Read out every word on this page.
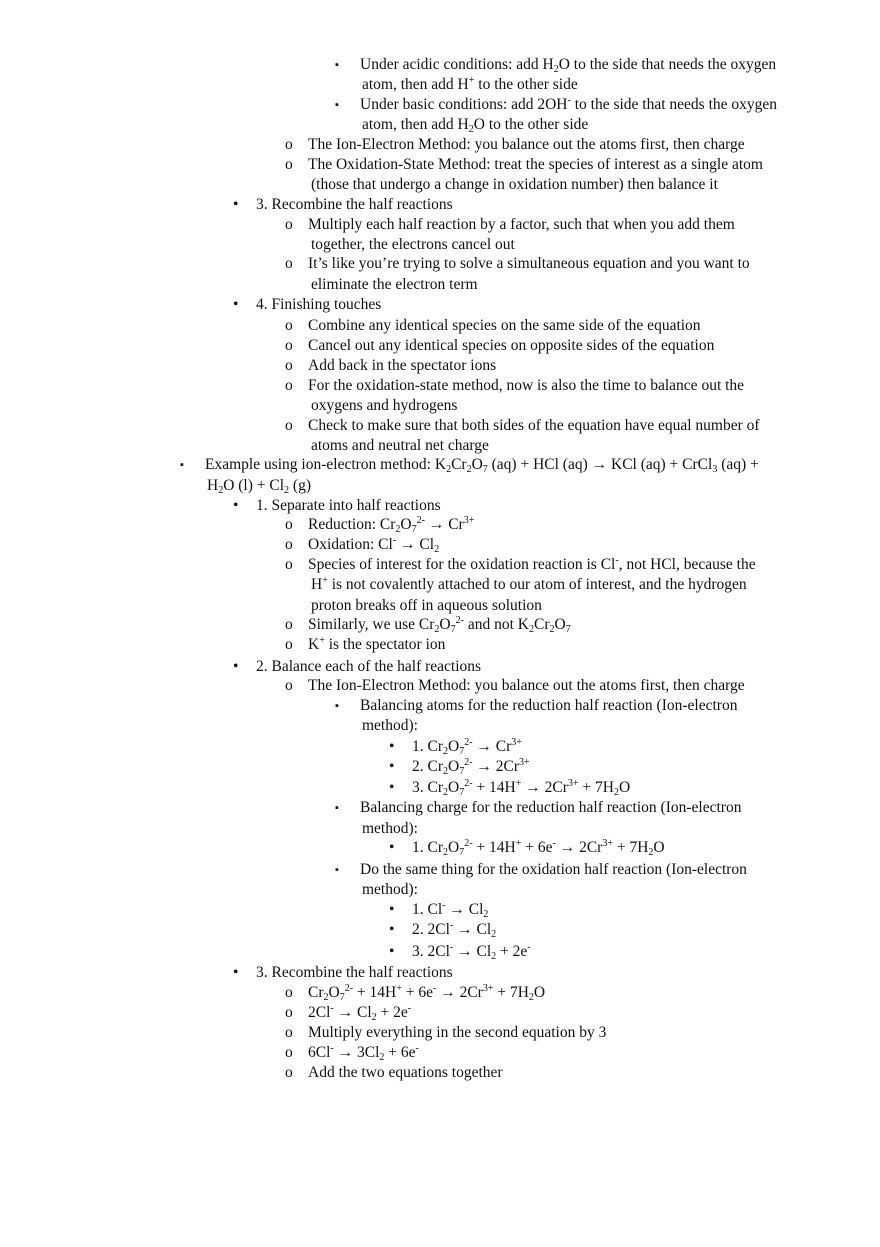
▪ Under acidic conditions: add $H_2O$ to the side that needs the oxygen
atom, then add H+ to the other side
▪ Under basic conditions: add 2OH- to the side that needs the oxygen
atom, then add $H_2O$ to the other side
o The Ion-Electron Method: you balance out the atoms first, then charge
o The Oxidation-State Method: treat the species of interest as a single atom
(those that undergo a change in oxidation number) then balance it
• 3. Recombine the half reactions
o Multiply each half reaction by a factor, such that when you add them
together, the electrons cancel out
o It’s like you’re trying to solve a simultaneous equation and you want to
eliminate the electron term
• 4. Finishing touches
o Combine any identical species on the same side of the equation
o Cancel out any identical species on opposite sides of the equation
o Add back in the spectator ions
o For the oxidation-state method, now is also the time to balance out the
oxygens and hydrogens
o Check to make sure that both sides of the equation have equal number of
atoms and neutral net charge
▪ Example using ion-electron method: $K_2Cr_2O_7$ (aq) + HCl (aq) → KCl (aq) + CrCl$_3$ (aq) +
$H_2O$ $(l) + Cl_2$ (g)
• 1. Separate into half reactions
o Reduction: $Cr_2O_7^{2-} \to Cr^{3+}$
o Oxidation: $Cl^- \to Cl_2$
o Species of interest for the oxidation reaction is Cl-, not HCl, because the
H+ is not covalently attached to our atom of interest, and the hydrogen
proton breaks off in aqueous solution
o Similarly, we use $Cr_2O_7^{2-}$ and not $K_2Cr_2O_7$
o K+ is the spectator ion
• 2. Balance each of the half reactions
o The Ion-Electron Method: you balance out the atoms first, then charge
▪ Balancing atoms for the reduction half reaction (Ion-electron
method):
• 1. $Cr_2O_7^{2-} \to Cr^{3+}$
• 2. $Cr_2O_7^{2-} \to 2Cr^{3+}$
• 3. $Cr_2O_7^{2-} + 14H^+ \to 2Cr^{3+} + 7H_2O$
▪ Balancing charge for the reduction half reaction (Ion-electron
method):
• 1. $Cr_2O_7^{2-} + 14H^+ + 6e^- \to 2Cr^{3+} + 7H_2O$
▪ Do the same thing for the oxidation half reaction (Ion-electron
method):
• 1. $Cl^- \to Cl_2$
• 2. $2Cl^- \to Cl_2$
• 3. $2Cl^- \to Cl_2 + 2e^-$
• 3. Recombine the half reactions
o $Cr_2O_7^{2-} + 14H^+ + 6e^- \to 2Cr^{3+} + 7H_2O$
o $2Cl^- \to Cl_2 + 2e^-$
o Multiply everything in the second equation by 3
o $6Cl^- \to 3Cl_2 + 6e^-$
o Add the two equations together
